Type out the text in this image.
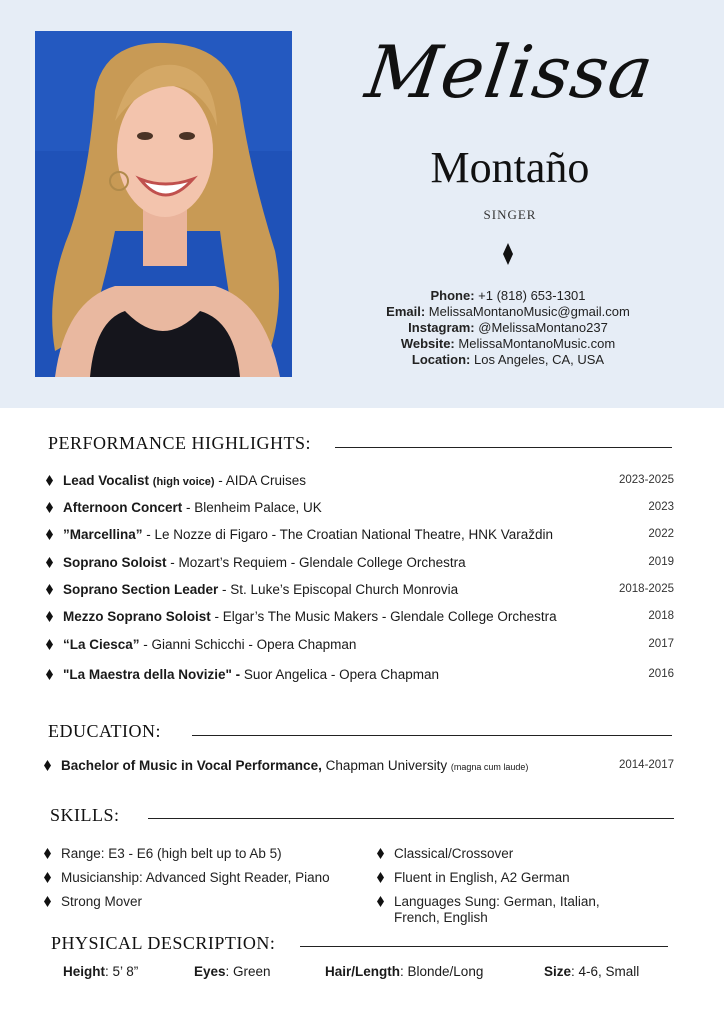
Melissa
Montaño
SINGER
Phone: +1 (818) 653-1301
Email: MelissaMontanoMusic@gmail.com
Instagram: @MelissaMontano237
Website: MelissaMontanoMusic.com
Location: Los Angeles, CA, USA
PERFORMANCE HIGHLIGHTS:
Lead Vocalist (high voice) - AIDA Cruises	2023-2025
Afternoon Concert - Blenheim Palace, UK	2023
”Marcellina” - Le Nozze di Figaro - The Croatian National Theatre, HNK Varaždin	2022
Soprano Soloist - Mozart’s Requiem - Glendale College Orchestra	2019
Soprano Section Leader - St. Luke’s Episcopal Church Monrovia	2018-2025
Mezzo Soprano Soloist - Elgar’s The Music Makers - Glendale College Orchestra	2018
“La Ciesca” - Gianni Schicchi - Opera Chapman	2017
"La Maestra della Novizie" - Suor Angelica - Opera Chapman	2016
EDUCATION:
Bachelor of Music in Vocal Performance, Chapman University (magna cum laude)	2014-2017
SKILLS:
Range: E3 - E6 (high belt up to Ab 5)
Musicianship: Advanced Sight Reader, Piano
Strong Mover
Classical/Crossover
Fluent in English, A2 German
Languages Sung: German, Italian,
French, English
PHYSICAL DESCRIPTION:
Height: 5’ 8”	Eyes: Green	Hair/Length: Blonde/Long	Size: 4-6, Small
